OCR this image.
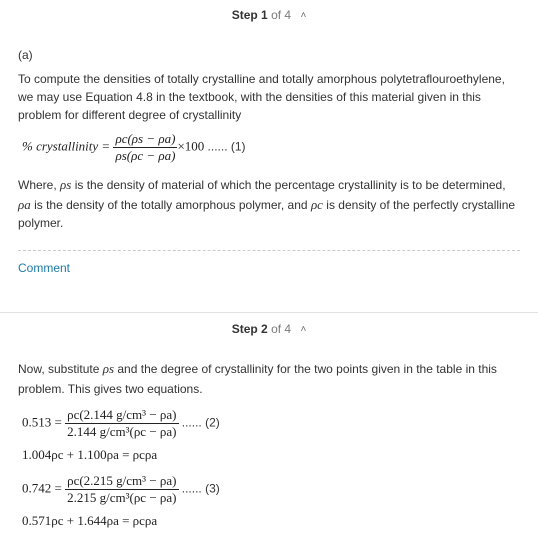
Step 1 of 4 ˄
(a)
To compute the densities of totally crystalline and totally amorphous polytetraflouroethylene, we may use Equation 4.8 in the textbook, with the densities of this material given in this problem for different degree of crystallinity
% crystallinity = $\frac{\rho c(\rho s - \rho a)}{\rho s(\rho c - \rho a)} \times 100$ ...... (1)
Where, ρs is the density of material of which the percentage crystallinity is to be determined,
ρa is the density of the totally amorphous polymer, and ρc is density of the perfectly crystalline
polymer.
Comment
Step 2 of 4 ˄
Now, substitute ρs and the degree of crystallinity for the two points given in the table in this
problem. This gives two equations.
$0.513 = \frac{\text{ρc(2.144 g/cm³ − ρa)}}{\text{2.144 g/cm³(ρc − ρa)}}$ ...... (2)
1.004ρc + 1.100ρa = ρcρa
$0.742 = \frac{\text{ρc(2.215 g/cm³ − ρa)}}{\text{2.215 g/cm³(ρc − ρa)}}$ ...... (3)
0.571ρc + 1.644ρa = ρcρa
